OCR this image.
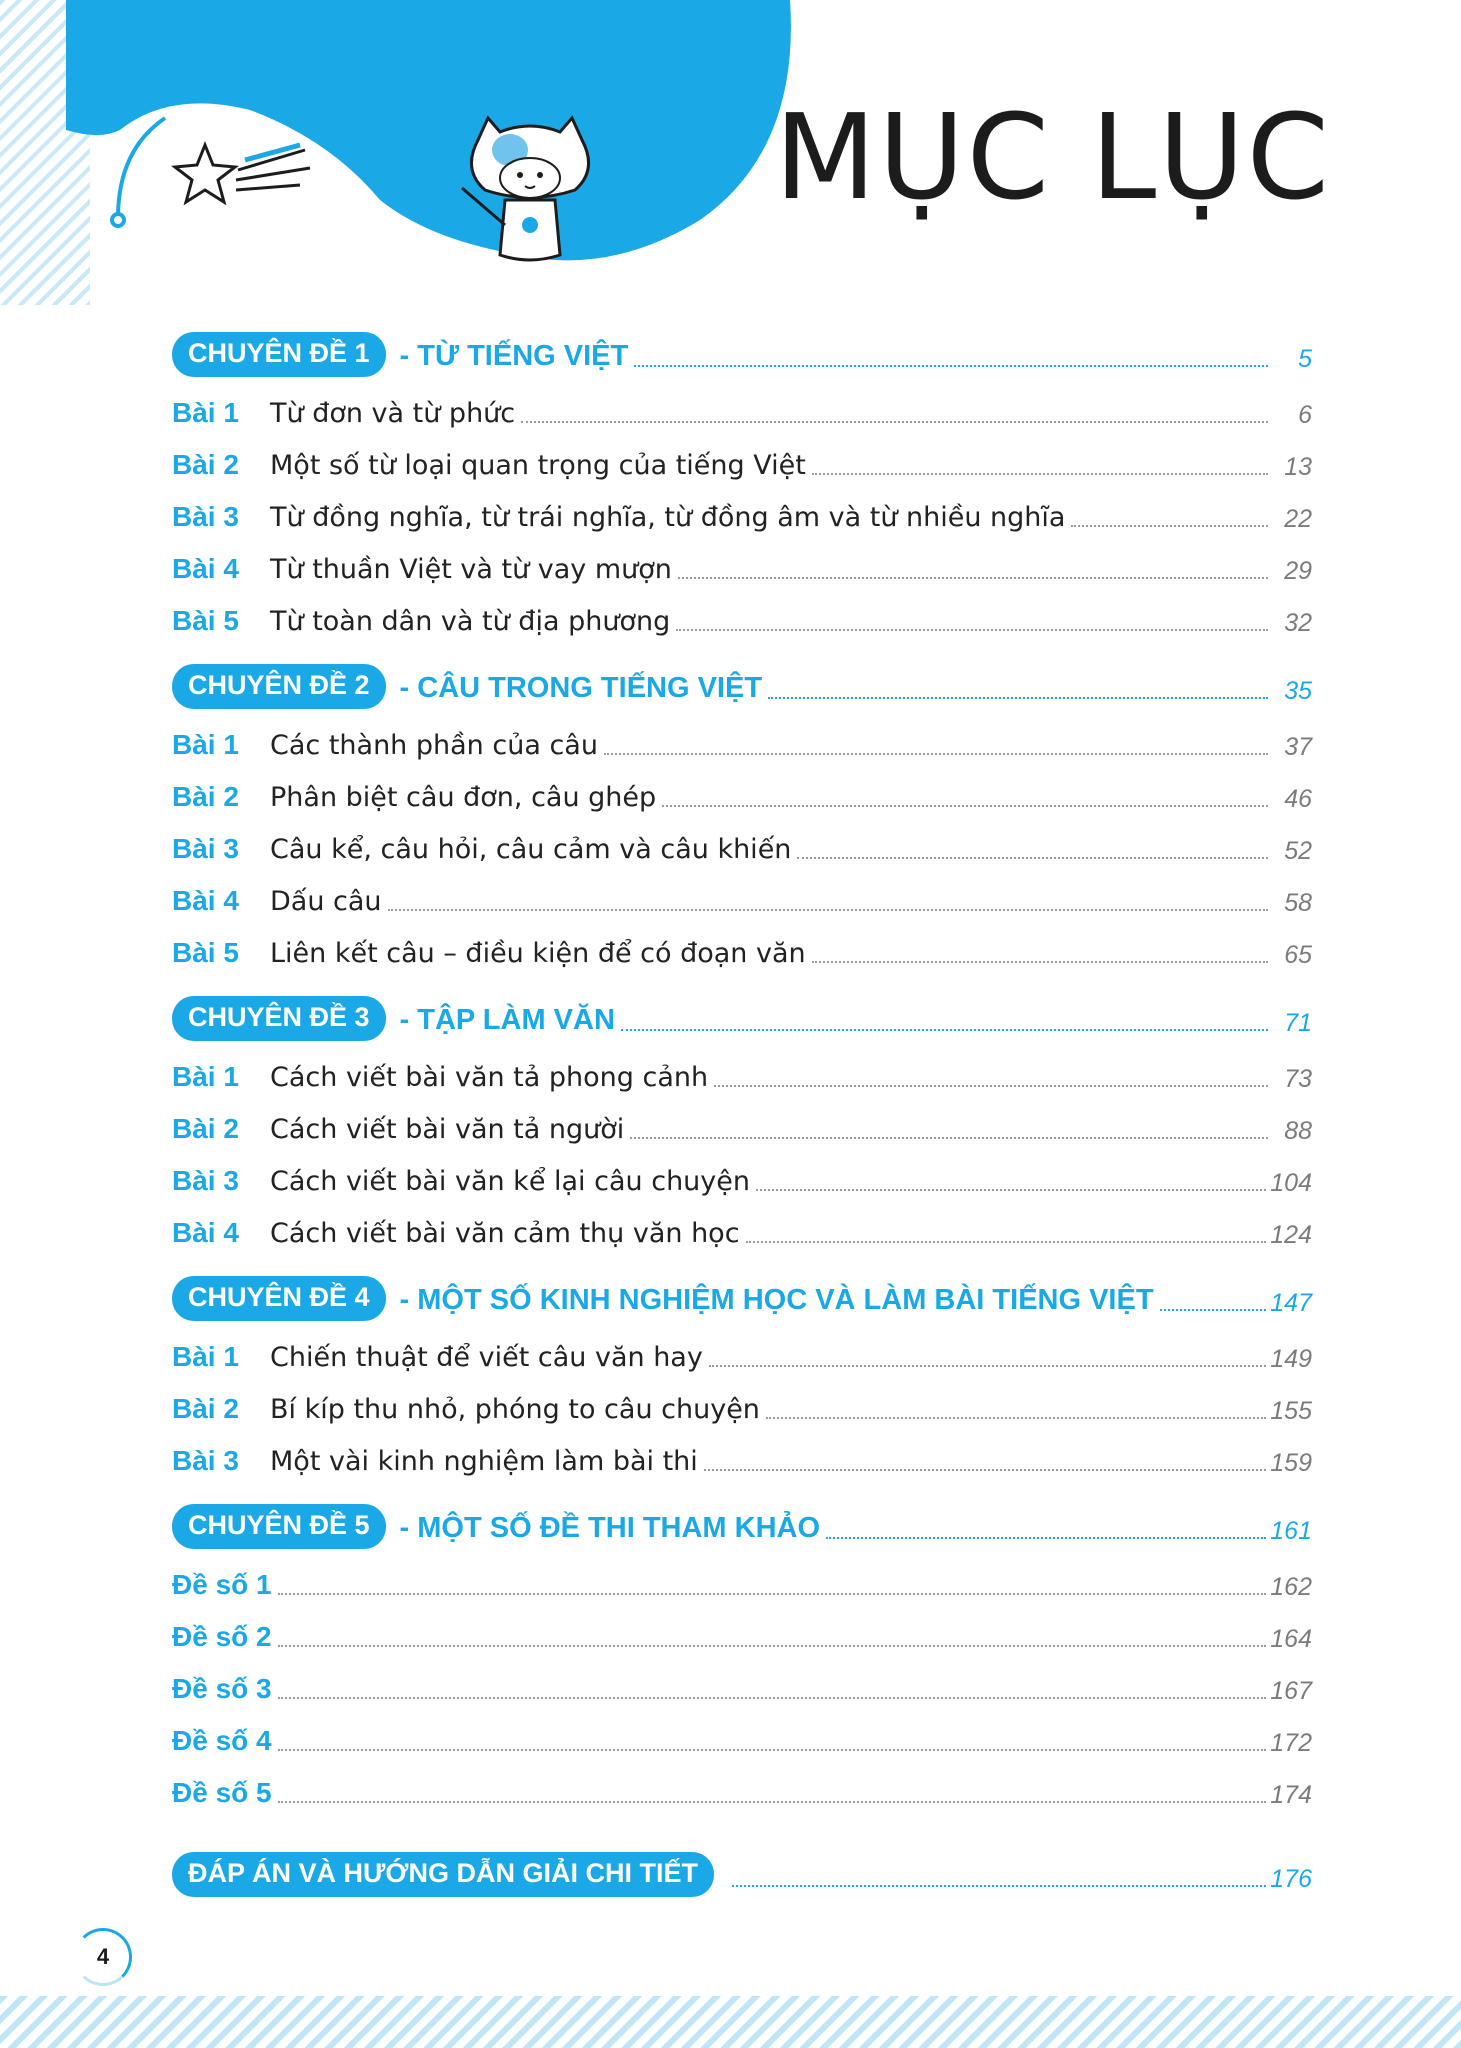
MỤC LỤC
CHUYÊN ĐỀ 1	- TỪ TIẾNG VIỆT	5
Bài 1	Từ đơn và từ phức	6
Bài 2	Một số từ loại quan trọng của tiếng Việt	13
Bài 3	Từ đồng nghĩa, từ trái nghĩa, từ đồng âm và từ nhiều nghĩa	22
Bài 4	Từ thuần Việt và từ vay mượn	29
Bài 5	Từ toàn dân và từ địa phương	32
CHUYÊN ĐỀ 2	- CÂU TRONG TIẾNG VIỆT	35
Bài 1	Các thành phần của câu	37
Bài 2	Phân biệt câu đơn, câu ghép	46
Bài 3	Câu kể, câu hỏi, câu cảm và câu khiến	52
Bài 4	Dấu câu	58
Bài 5	Liên kết câu – điều kiện để có đoạn văn	65
CHUYÊN ĐỀ 3	- TẬP LÀM VĂN	71
Bài 1	Cách viết bài văn tả phong cảnh	73
Bài 2	Cách viết bài văn tả người	88
Bài 3	Cách viết bài văn kể lại câu chuyện	104
Bài 4	Cách viết bài văn cảm thụ văn học	124
CHUYÊN ĐỀ 4	- MỘT SỐ KINH NGHIỆM HỌC VÀ LÀM BÀI TIẾNG VIỆT	147
Bài 1	Chiến thuật để viết câu văn hay	149
Bài 2	Bí kíp thu nhỏ, phóng to câu chuyện	155
Bài 3	Một vài kinh nghiệm làm bài thi	159
CHUYÊN ĐỀ 5	- MỘT SỐ ĐỀ THI THAM KHẢO	161
Đề số 1	162
Đề số 2	164
Đề số 3	167
Đề số 4	172
Đề số 5	174
ĐÁP ÁN VÀ HƯỚNG DẪN GIẢI CHI TIẾT	176
4
